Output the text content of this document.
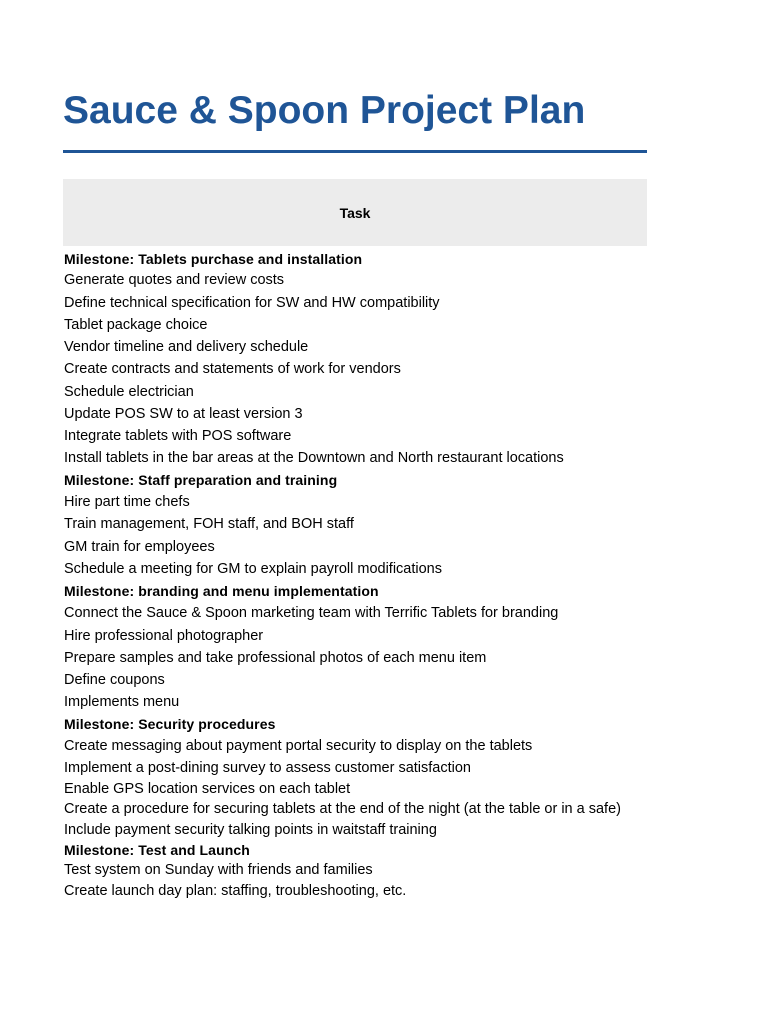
Sauce & Spoon Project Plan
Task
Milestone: Tablets purchase and installation
Generate quotes and review costs
Define technical specification for SW and HW compatibility
Tablet package choice
Vendor timeline and delivery schedule
Create contracts and statements of work for vendors
Schedule electrician
Update POS SW to at least version 3
Integrate tablets with POS software
Install tablets in the bar areas at the Downtown and North restaurant locations
Milestone: Staff preparation and training
Hire part time chefs
Train management, FOH staff, and BOH staff
GM train for employees
Schedule a meeting for GM to explain payroll modifications
Milestone: branding and menu implementation
Connect the Sauce & Spoon marketing team with Terrific Tablets for branding
Hire professional photographer
Prepare samples and take professional photos of each menu item
Define coupons
Implements menu
Milestone: Security procedures
Create messaging about payment portal security to display on the tablets
Implement a post-dining survey to assess customer satisfaction
Enable GPS location services on each tablet
Create a procedure for securing tablets at the end of the night (at the table or in a safe)
Include payment security talking points in waitstaff training
Milestone: Test and Launch
Test system on Sunday with friends and families
Create launch day plan: staffing, troubleshooting, etc.
